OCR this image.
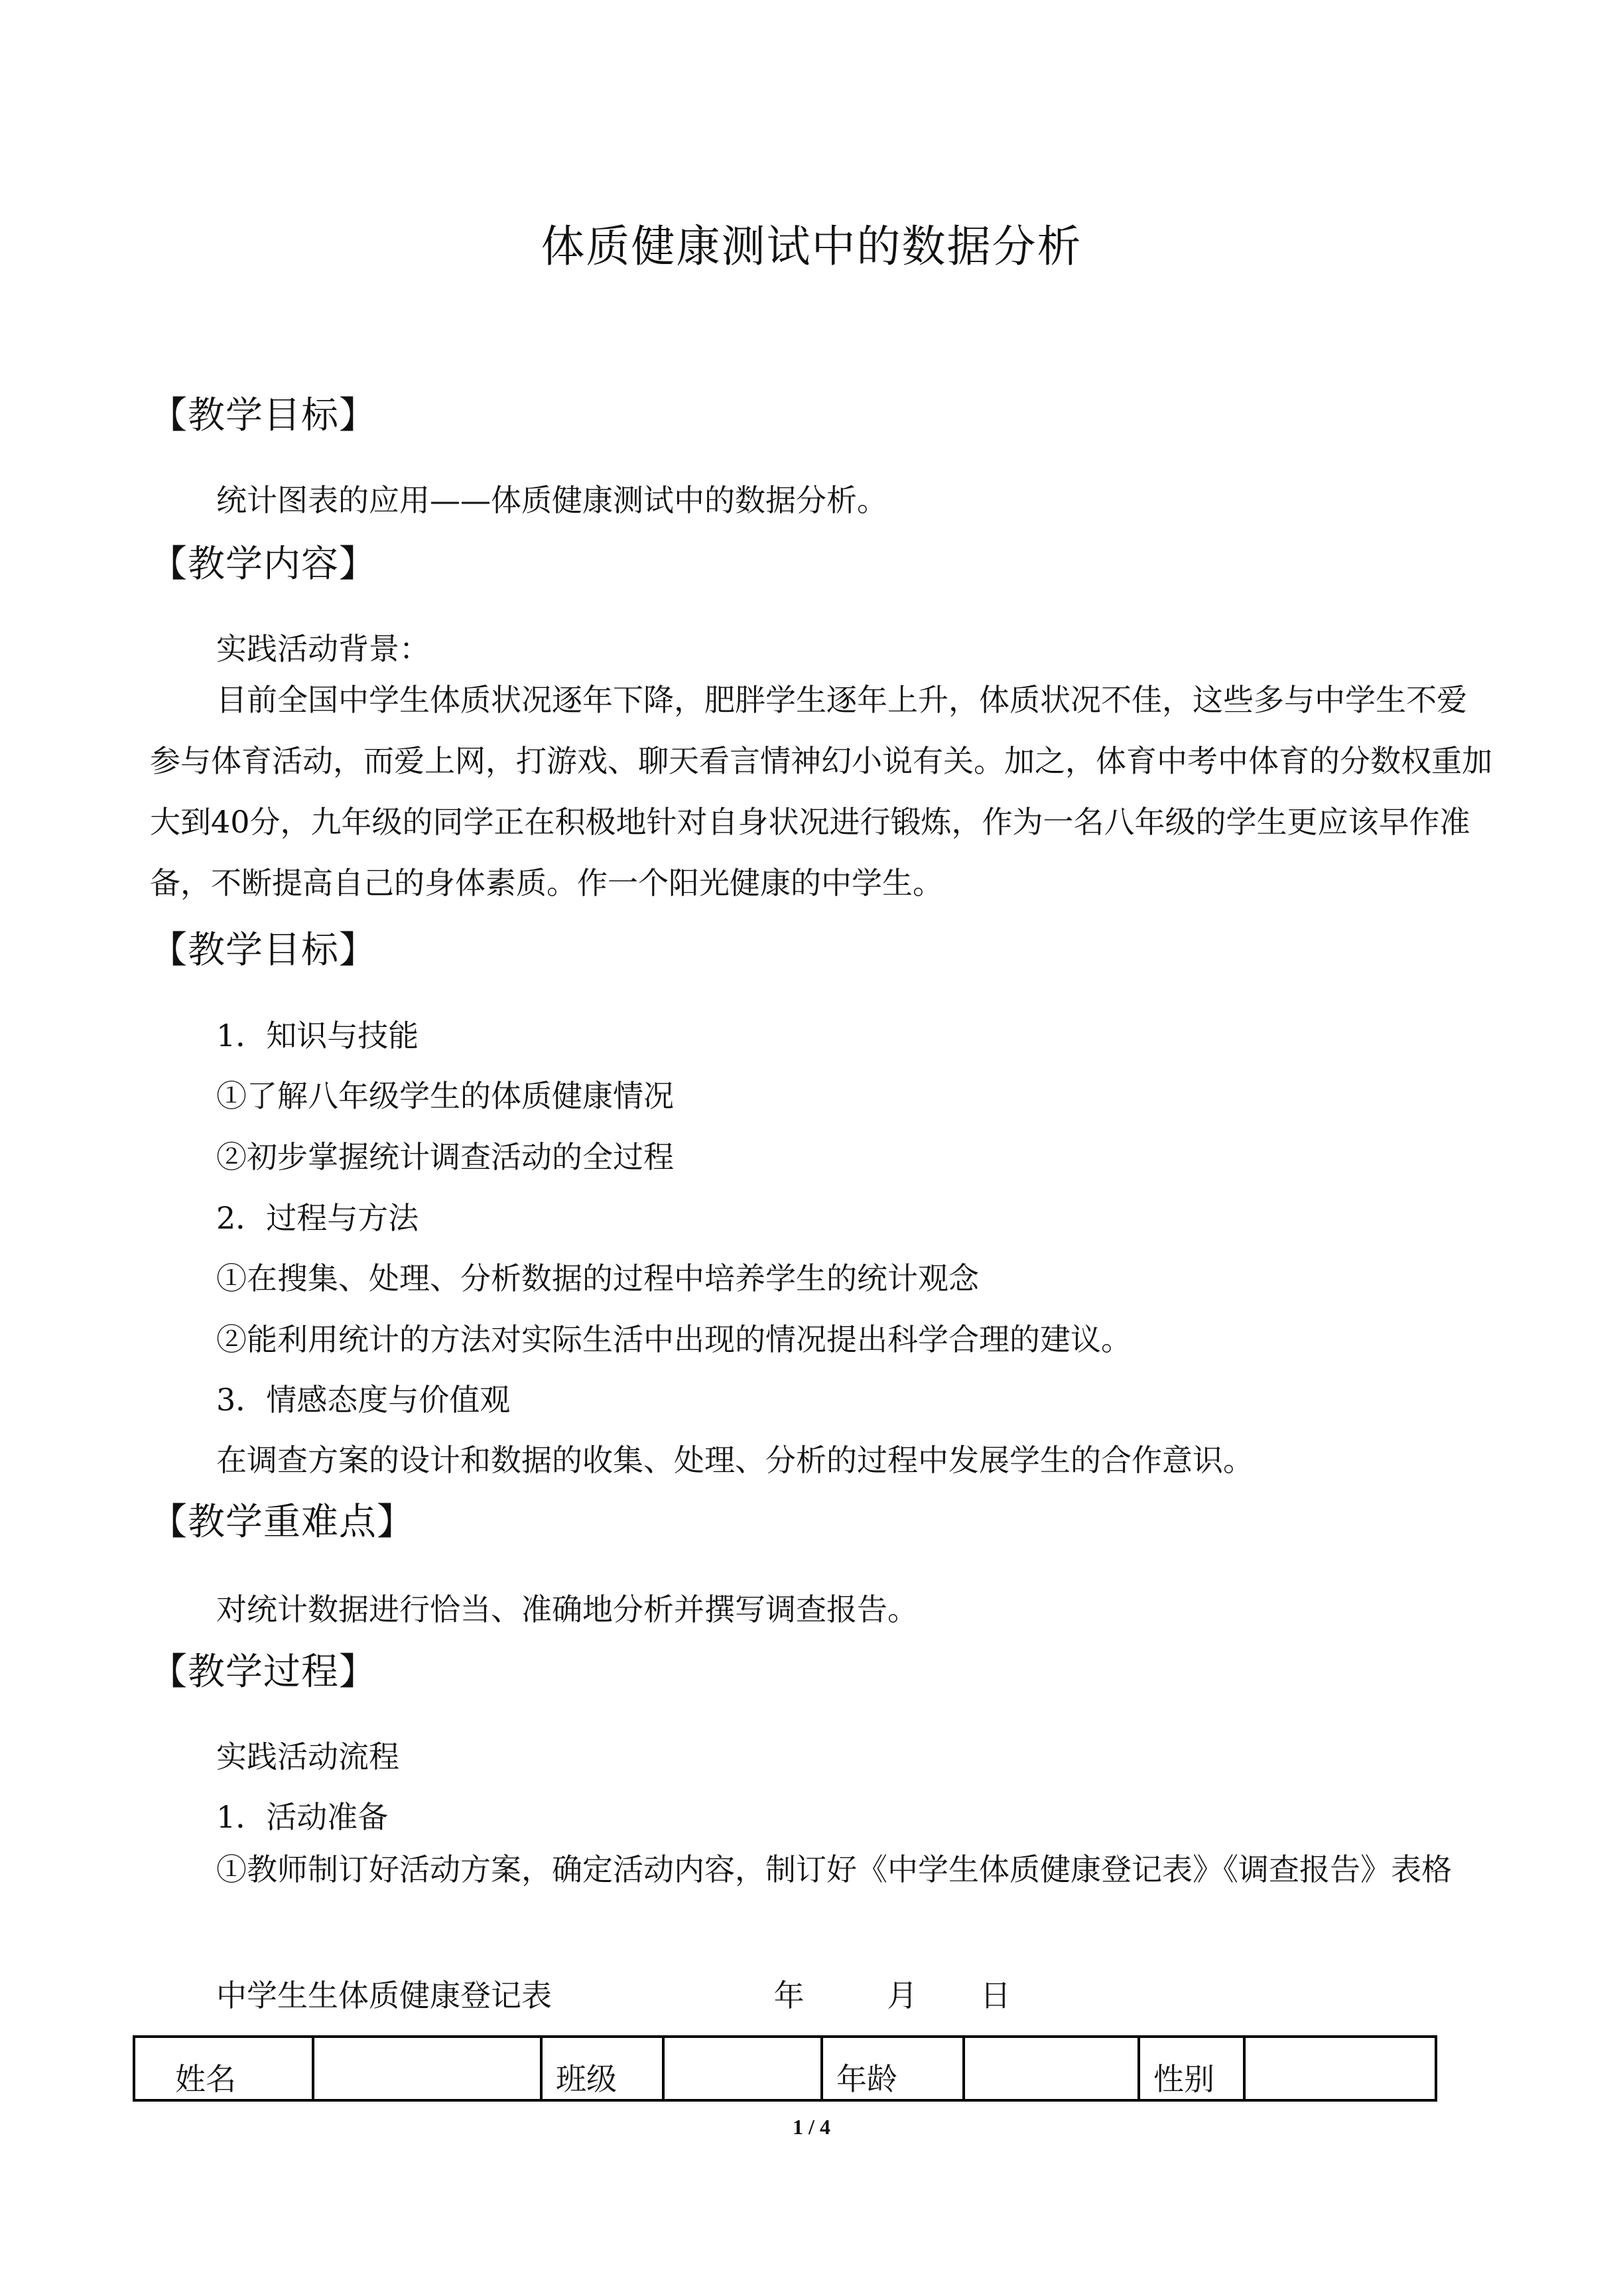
体质健康测试中的数据分析
【教学目标】
统计图表的应用——体质健康测试中的数据分析。
【教学内容】
实践活动背景：
目前全国中学生体质状况逐年下降，肥胖学生逐年上升，体质状况不佳，这些多与中学生不爱参与体育活动，而爱上网，打游戏、聊天看言情神幻小说有关。加之，体育中考中体育的分数权重加大到40分，九年级的同学正在积极地针对自身状况进行锻炼，作为一名八年级的学生更应该早作准备，不断提高自己的身体素质。作一个阳光健康的中学生。
【教学目标】
1．知识与技能
①了解八年级学生的体质健康情况
②初步掌握统计调查活动的全过程
2．过程与方法
①在搜集、处理、分析数据的过程中培养学生的统计观念
②能利用统计的方法对实际生活中出现的情况提出科学合理的建议。
3．情感态度与价值观
在调查方案的设计和数据的收集、处理、分析的过程中发展学生的合作意识。
【教学重难点】
对统计数据进行恰当、准确地分析并撰写调查报告。
【教学过程】
实践活动流程
1．活动准备
①教师制订好活动方案，确定活动内容，制订好《中学生体质健康登记表》《调查报告》表格
中学生生体质健康登记表	年	月 日
姓名		班级		年龄		性别	
1 / 4
